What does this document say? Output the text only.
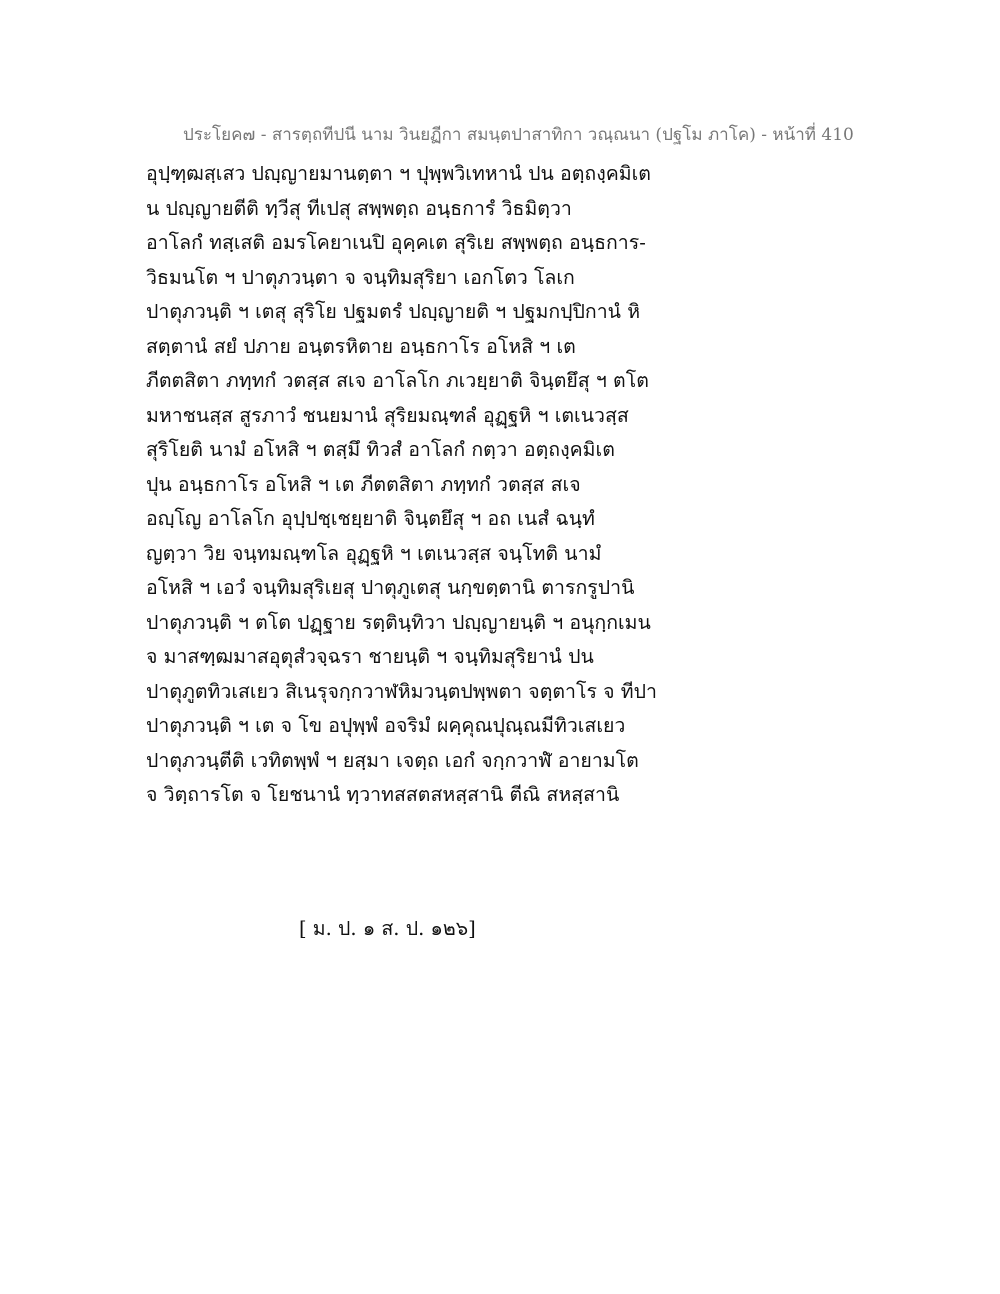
ประโยค๗ - สารตฺถทีปนี นาม วินยฏีกา สมนฺตปาสาทิกา วณฺณนา (ปฐโม ภาโค) - หน้าที่ 410
อุปฺฑฺฒสฺเสว ปญฺญายมานตฺตา ฯ ปุพฺพวิเทหานํ ปน อตฺถงฺคมิเต
น ปญฺญายตีติ ทฺวีสุ ทีเปสุ สพฺพตฺถ อนฺธการํ วิธมิตฺวา
อาโลกํ ทสฺเสติ อมรโคยาเนปิ อุคฺคเต สุริเย สพฺพตฺถ อนฺธการ-
วิธมนโต ฯ ปาตุภวนฺตา จ จนฺทิมสุริยา เอกโตว โลเก
ปาตุภวนฺติ ฯ เตสุ สุริโย ปฐมตรํ ปญฺญายติ ฯ ปฐมกปฺปิกานํ หิ
สตฺตานํ สยํ ปภาย อนฺตรหิตาย อนฺธกาโร อโหสิ ฯ เต
ภีตตสิตา ภทฺทกํ วตสฺส สเจ อาโลโก ภเวยฺยาติ จินฺตยึสุ ฯ ตโต
มหาชนสฺส สูรภาวํ ชนยมานํ สุริยมณฺฑลํ อุฏฺฐหิ ฯ เตเนวสฺส
สุริโยติ นามํ อโหสิ ฯ ตสฺมึ ทิวสํ อาโลกํ กตฺวา อตฺถงฺคมิเต
ปุน อนฺธกาโร อโหสิ ฯ เต ภีตตสิตา ภทฺทกํ วตสฺส สเจ
อญฺโญ อาโลโก อุปฺปชฺเชยฺยาติ จินฺตยึสุ ฯ อถ เนสํ ฉนฺทํ
ญตฺวา วิย จนฺทมณฺฑโล อุฏฺฐหิ ฯ เตเนวสฺส จนฺโทติ นามํ
อโหสิ ฯ เอวํ จนฺทิมสุริเยสุ ปาตุภูเตสุ นกฺขตฺตานิ ตารกรูปานิ
ปาตุภวนฺติ ฯ ตโต ปฏฺฐาย รตฺตินฺทิวา ปญฺญายนฺติ ฯ อนุกฺกเมน
จ มาสฑฺฒมาสอุตุสํวจฺฉรา ชายนฺติ ฯ จนฺทิมสุริยานํ ปน
ปาตุภูตทิวเสเยว สิเนรุจกฺกวาฬหิมวนฺตปพฺพตา จตฺตาโร จ ทีปา
ปาตุภวนฺติ ฯ เต จ โข อปุพฺพํ อจริมํ ผคฺคุณปุณฺณมีทิวเสเยว
ปาตุภวนฺตีติ เวทิตพฺพํ ฯ ยสฺมา เจตฺถ เอกํ จกฺกวาฬํ อายามโต
จ วิตฺถารโต จ โยชนานํ ทฺวาทสสตสหสฺสานิ ตีณิ สหสฺสานิ
[ ม. ป. ๑ ส. ป. ๑๒๖]
